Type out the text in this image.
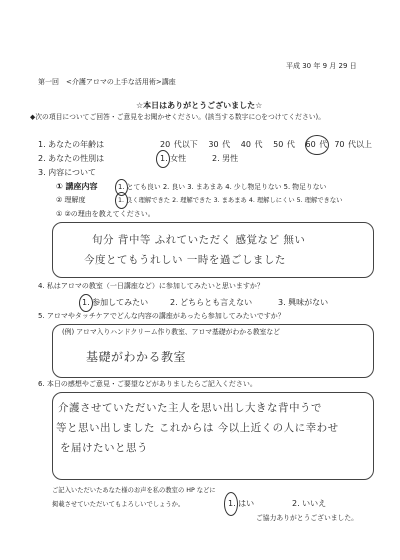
平成 30 年 9 月 29 日
第一回　<介護アロマの上手な活用術>講座
☆本日はありがとうございました☆
◆次の項目についてご回答・ご意見をお聞かせください。(該当する数字に○をつけてください)。
1. あなたの年齢は	20 代以下 30 代 40 代 50 代 60 代 70 代以上
2. あなたの性別は	1. 女性	2. 男性
3. 内容について
① 講座内容	1. とても良い 2. 良い 3. まあまあ 4. 少し物足りない 5. 物足りない
② 理解度	1. 良く理解できた 2. 理解できた 3. まあまあ 4. 理解しにくい 5. 理解できない
① ②の理由を教えてください。
旬分 背中等 ふれていただく 感覚など 無い
今度とてもうれしい 一時を過ごしました
4. 私はアロマの教室（一日講座など）に参加してみたいと思いますか？
1. 参加してみたい	2. どちらとも言えない	3. 興味がない
5. アロマやタッチケアでどんな内容の講座があったら参加してみたいですか？
(例) アロマ入りハンドクリーム作り教室、アロマ基礎がわかる教室など
基礎がわかる教室
6. 本日の感想やご意見・ご要望などがありましたらご記入ください。
介護させていただいた主人を思い出し大きな背中うで
等と思い出しました これからは 今以上近くの人に幸わせ
を届けたいと思う
ご記入いただいたあなた様のお声を私の教室の HP などに
掲載させていただいてもよろしいでしょうか。	1. はい	2. いいえ
ご協力ありがとうございました。
